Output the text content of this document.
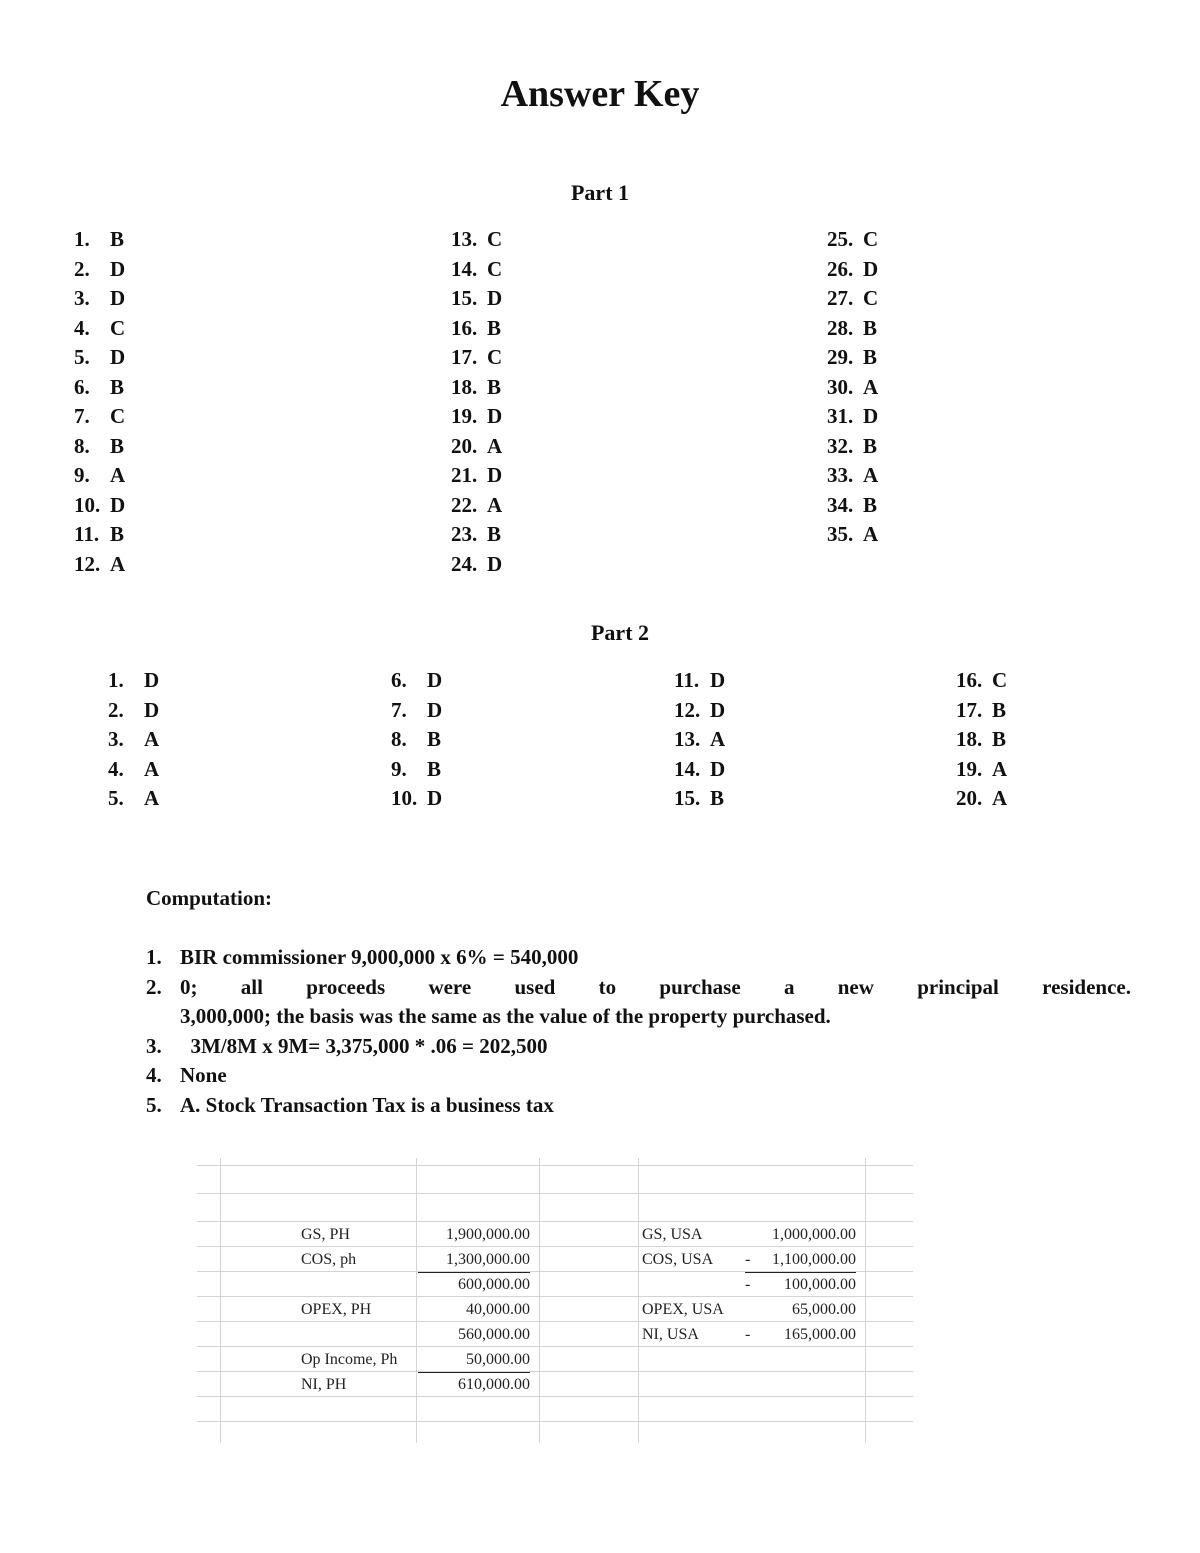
Answer Key
Part 1
1. B
2. D
3. D
4. C
5. D
6. B
7. C
8. B
9. A
10. D
11. B
12. A
13. C
14. C
15. D
16. B
17. C
18. B
19. D
20. A
21. D
22. A
23. B
24. D
25. C
26. D
27. C
28. B
29. B
30. A
31. D
32. B
33. A
34. B
35. A
Part 2
1. D
2. D
3. A
4. A
5. A
6. D
7. D
8. B
9. B
10. D
11. D
12. D
13. A
14. D
15. B
16. C
17. B
18. B
19. A
20. A
Computation:
1. BIR commissioner 9,000,000 x 6% = 540,000
2. 0; all proceeds were used to purchase a new principal residence.
3,000,000; the basis was the same as the value of the property purchased.
3. 3M/8M x 9M= 3,375,000 * .06 = 202,500
4. None
5. A. Stock Transaction Tax is a business tax
GS, PH	1,900,000.00
COS, ph	1,300,000.00
600,000.00
OPEX, PH	40,000.00
560,000.00
Op Income, Ph	50,000.00
NI, PH	610,000.00
GS, USA	1,000,000.00
COS, USA -	1,100,000.00
-	100,000.00
OPEX, USA	65,000.00
NI, USA	-	165,000.00
